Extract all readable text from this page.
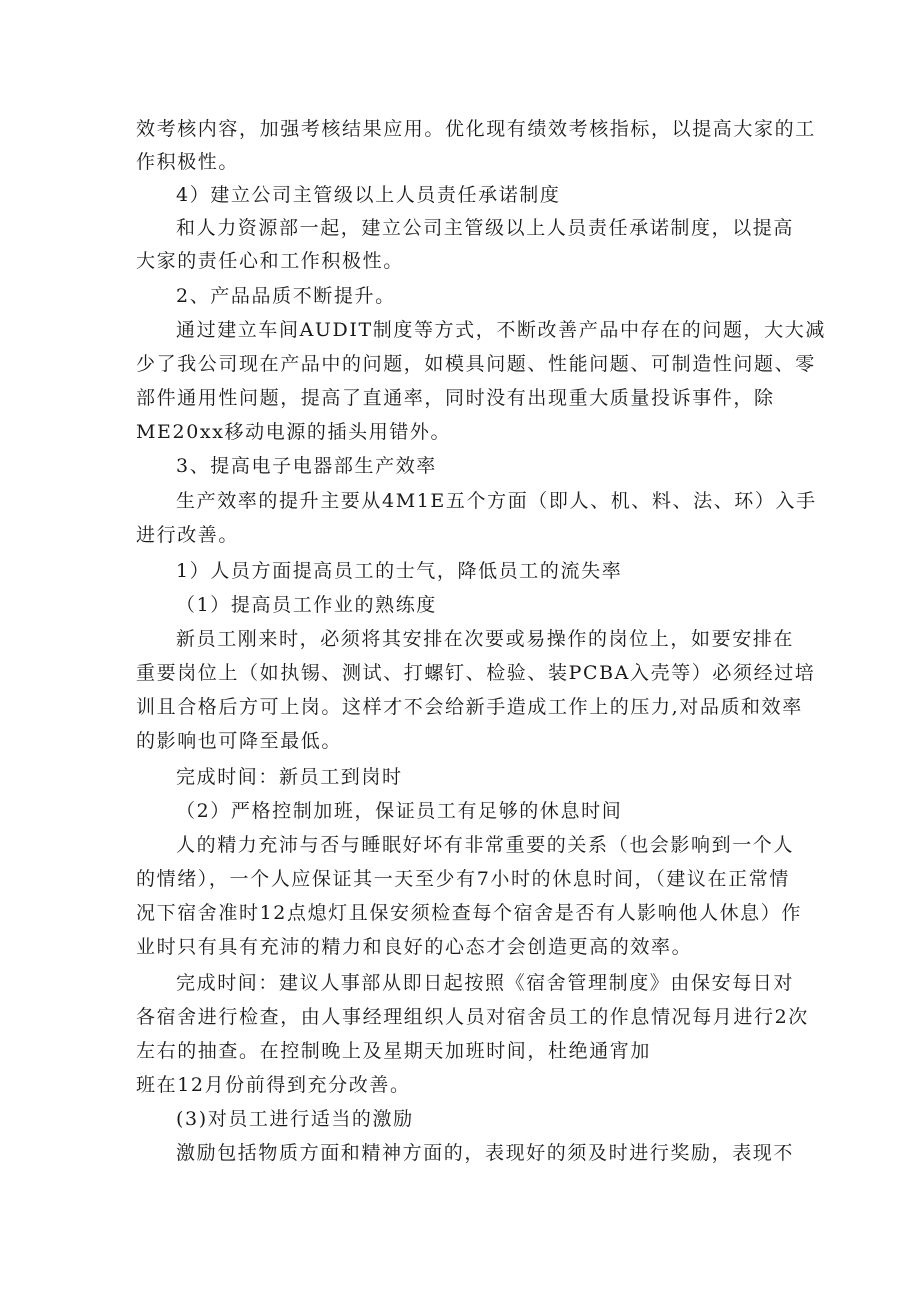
效考核内容，加强考核结果应用。优化现有绩效考核指标，以提高大家的工
作积极性。
4）建立公司主管级以上人员责任承诺制度
和人力资源部一起，建立公司主管级以上人员责任承诺制度，以提高
大家的责任心和工作积极性。
2、产品品质不断提升。
通过建立车间AUDIT制度等方式，不断改善产品中存在的问题，大大减
少了我公司现在产品中的问题，如模具问题、性能问题、可制造性问题、零
部件通用性问题，提高了直通率，同时没有出现重大质量投诉事件，除
ME20xx移动电源的插头用错外。
3、提高电子电器部生产效率
生产效率的提升主要从4M1E五个方面（即人、机、料、法、环）入手
进行改善。
1）人员方面提高员工的士气，降低员工的流失率
（1）提高员工作业的熟练度
新员工刚来时，必须将其安排在次要或易操作的岗位上，如要安排在
重要岗位上（如执锡、测试、打螺钉、检验、装PCBA入壳等）必须经过培
训且合格后方可上岗。这样才不会给新手造成工作上的压力,对品质和效率
的影响也可降至最低。
完成时间：新员工到岗时
（2）严格控制加班，保证员工有足够的休息时间
人的精力充沛与否与睡眠好坏有非常重要的关系（也会影响到一个人
的情绪），一个人应保证其一天至少有7小时的休息时间，（建议在正常情
况下宿舍准时12点熄灯且保安须检查每个宿舍是否有人影响他人休息）作
业时只有具有充沛的精力和良好的心态才会创造更高的效率。
完成时间：建议人事部从即日起按照《宿舍管理制度》由保安每日对
各宿舍进行检查，由人事经理组织人员对宿舍员工的作息情况每月进行2次
左右的抽查。在控制晚上及星期天加班时间，杜绝通宵加
班在12月份前得到充分改善。
(3)对员工进行适当的激励
激励包括物质方面和精神方面的，表现好的须及时进行奖励，表现不
